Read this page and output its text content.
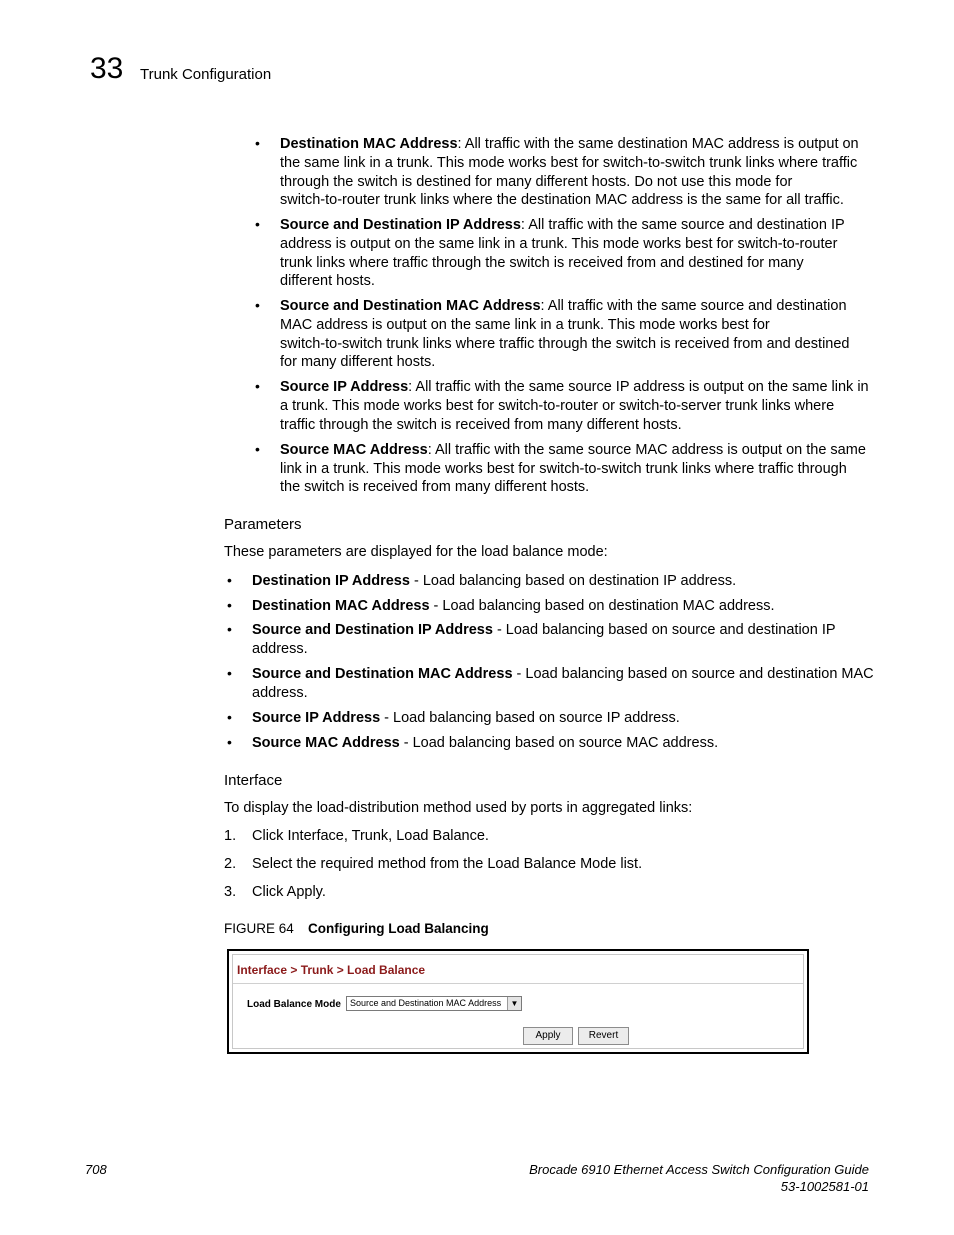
33 Trunk Configuration
• Destination MAC Address: All traffic with the same destination MAC address is output on
the same link in a trunk. This mode works best for switch-to-switch trunk links where traffic
through the switch is destined for many different hosts. Do not use this mode for
switch-to-router trunk links where the destination MAC address is the same for all traffic.
• Source and Destination IP Address: All traffic with the same source and destination IP
address is output on the same link in a trunk. This mode works best for switch-to-router
trunk links where traffic through the switch is received from and destined for many
different hosts.
• Source and Destination MAC Address: All traffic with the same source and destination
MAC address is output on the same link in a trunk. This mode works best for
switch-to-switch trunk links where traffic through the switch is received from and destined
for many different hosts.
• Source IP Address: All traffic with the same source IP address is output on the same link in
a trunk. This mode works best for switch-to-router or switch-to-server trunk links where
traffic through the switch is received from many different hosts.
• Source MAC Address: All traffic with the same source MAC address is output on the same
link in a trunk. This mode works best for switch-to-switch trunk links where traffic through
the switch is received from many different hosts.
Parameters
These parameters are displayed for the load balance mode:
• Destination IP Address - Load balancing based on destination IP address.
• Destination MAC Address - Load balancing based on destination MAC address.
• Source and Destination IP Address - Load balancing based on source and destination IP
address.
• Source and Destination MAC Address - Load balancing based on source and destination MAC
address.
• Source IP Address - Load balancing based on source IP address.
• Source MAC Address - Load balancing based on source MAC address.
Interface
To display the load-distribution method used by ports in aggregated links:
1. Click Interface, Trunk, Load Balance.
2. Select the required method from the Load Balance Mode list.
3. Click Apply.
FIGURE 64 Configuring Load Balancing
Interface > Trunk > Load Balance
Load Balance Mode Source and Destination MAC Address	▼
Apply	Revert
708	Brocade 6910 Ethernet Access Switch Configuration Guide
53-1002581-01
